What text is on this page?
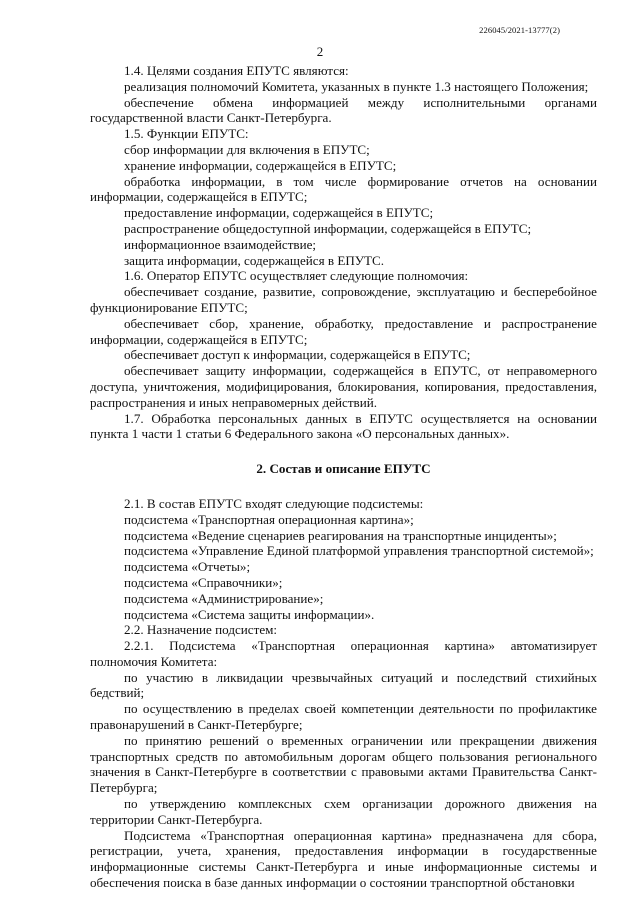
226045/2021-13777(2)
2

1.4. Целями создания ЕПУТС являются:

реализация полномочий Комитета, указанных в пункте 1.3 настоящего Положения;

обеспечение обмена информацией между исполнительными органами государственной власти Санкт-Петербурга.

1.5. Функции ЕПУТС:

сбор информации для включения в ЕПУТС;

хранение информации, содержащейся в ЕПУТС;

обработка информации, в том числе формирование отчетов на основании информации, содержащейся в ЕПУТС;

предоставление информации, содержащейся в ЕПУТС;

распространение общедоступной информации, содержащейся в ЕПУТС;

информационное взаимодействие;

защита информации, содержащейся в ЕПУТС.

1.6. Оператор ЕПУТС осуществляет следующие полномочия:

обеспечивает создание, развитие, сопровождение, эксплуатацию и бесперебойное функционирование ЕПУТС;

обеспечивает сбор, хранение, обработку, предоставление и распространение информации, содержащейся в ЕПУТС;

обеспечивает доступ к информации, содержащейся в ЕПУТС;

обеспечивает защиту информации, содержащейся в ЕПУТС, от неправомерного доступа, уничтожения, модифицирования, блокирования, копирования, предоставления, распространения и иных неправомерных действий.

1.7. Обработка персональных данных в ЕПУТС осуществляется на основании пункта 1 части 1 статьи 6 Федерального закона «О персональных данных».

2. Состав и описание ЕПУТС

2.1. В состав ЕПУТС входят следующие подсистемы:

подсистема «Транспортная операционная картина»;

подсистема «Ведение сценариев реагирования на транспортные инциденты»;

подсистема «Управление Единой платформой управления транспортной системой»;

подсистема «Отчеты»;

подсистема «Справочники»;

подсистема «Администрирование»;

подсистема «Система защиты информации».

2.2. Назначение подсистем:

2.2.1. Подсистема «Транспортная операционная картина» автоматизирует полномочия Комитета:

по участию в ликвидации чрезвычайных ситуаций и последствий стихийных бедствий;

по осуществлению в пределах своей компетенции деятельности по профилактике правонарушений в Санкт-Петербурге;

по принятию решений о временных ограничении или прекращении движения транспортных средств по автомобильным дорогам общего пользования регионального значения в Санкт-Петербурге в соответствии с правовыми актами Правительства Санкт-Петербурга;

по утверждению комплексных схем организации дорожного движения на территории Санкт-Петербурга.

Подсистема «Транспортная операционная картина» предназначена для сбора, регистрации, учета, хранения, предоставления информации в государственные информационные системы Санкт-Петербурга и иные информационные системы и обеспечения поиска в базе данных информации о состоянии транспортной обстановки
